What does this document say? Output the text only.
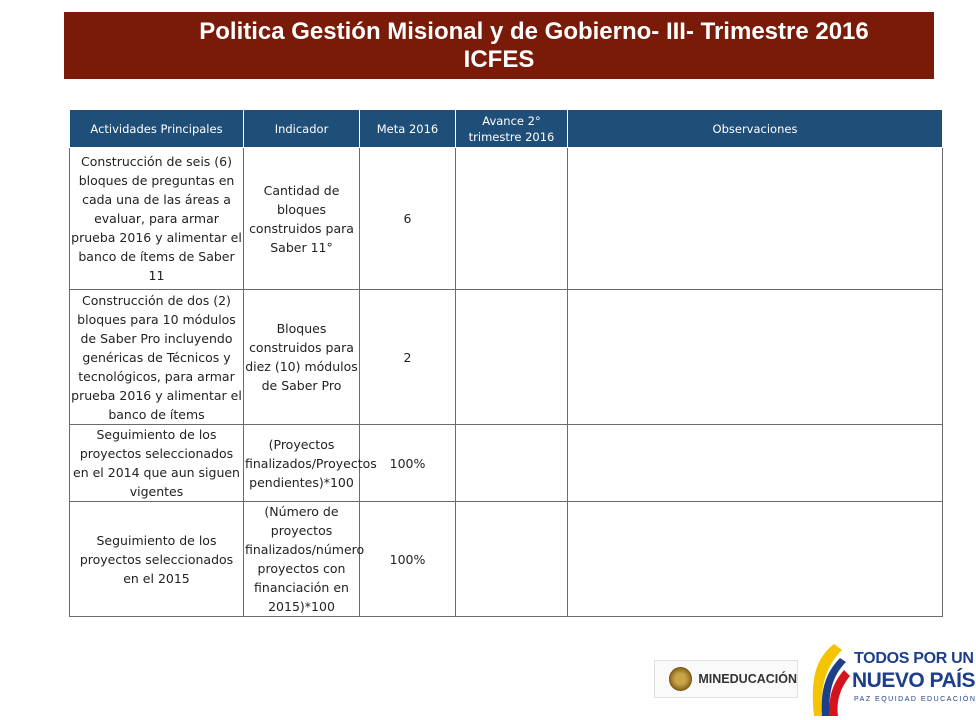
Politica Gestión Misional y de Gobierno- III- Trimestre 2016
ICFES
Actividades Principales	Indicador	Meta 2016	Avance 2° trimestre 2016	Observaciones
Construcción de seis (6) bloques de preguntas en cada una de las áreas a evaluar, para armar prueba 2016 y alimentar el banco de ítems de Saber 11	Cantidad de bloques construidos para Saber 11°	6		
Construcción de dos (2) bloques para 10 módulos de Saber Pro incluyendo genéricas de Técnicos y tecnológicos, para armar prueba 2016 y alimentar el banco de ítems	Bloques construidos para diez (10) módulos de Saber Pro	2		
Seguimiento de los proyectos seleccionados en el 2014 que aun siguen vigentes	(Proyectos finalizados/Proyectos pendientes)*100	100%		
Seguimiento de los proyectos seleccionados en el 2015	(Número de proyectos finalizados/número proyectos con financiación en 2015)*100	100%		
MINEDUCACIÓN
TODOS POR UN
NUEVO PAÍS
PAZ EQUIDAD EDUCACIÓN
